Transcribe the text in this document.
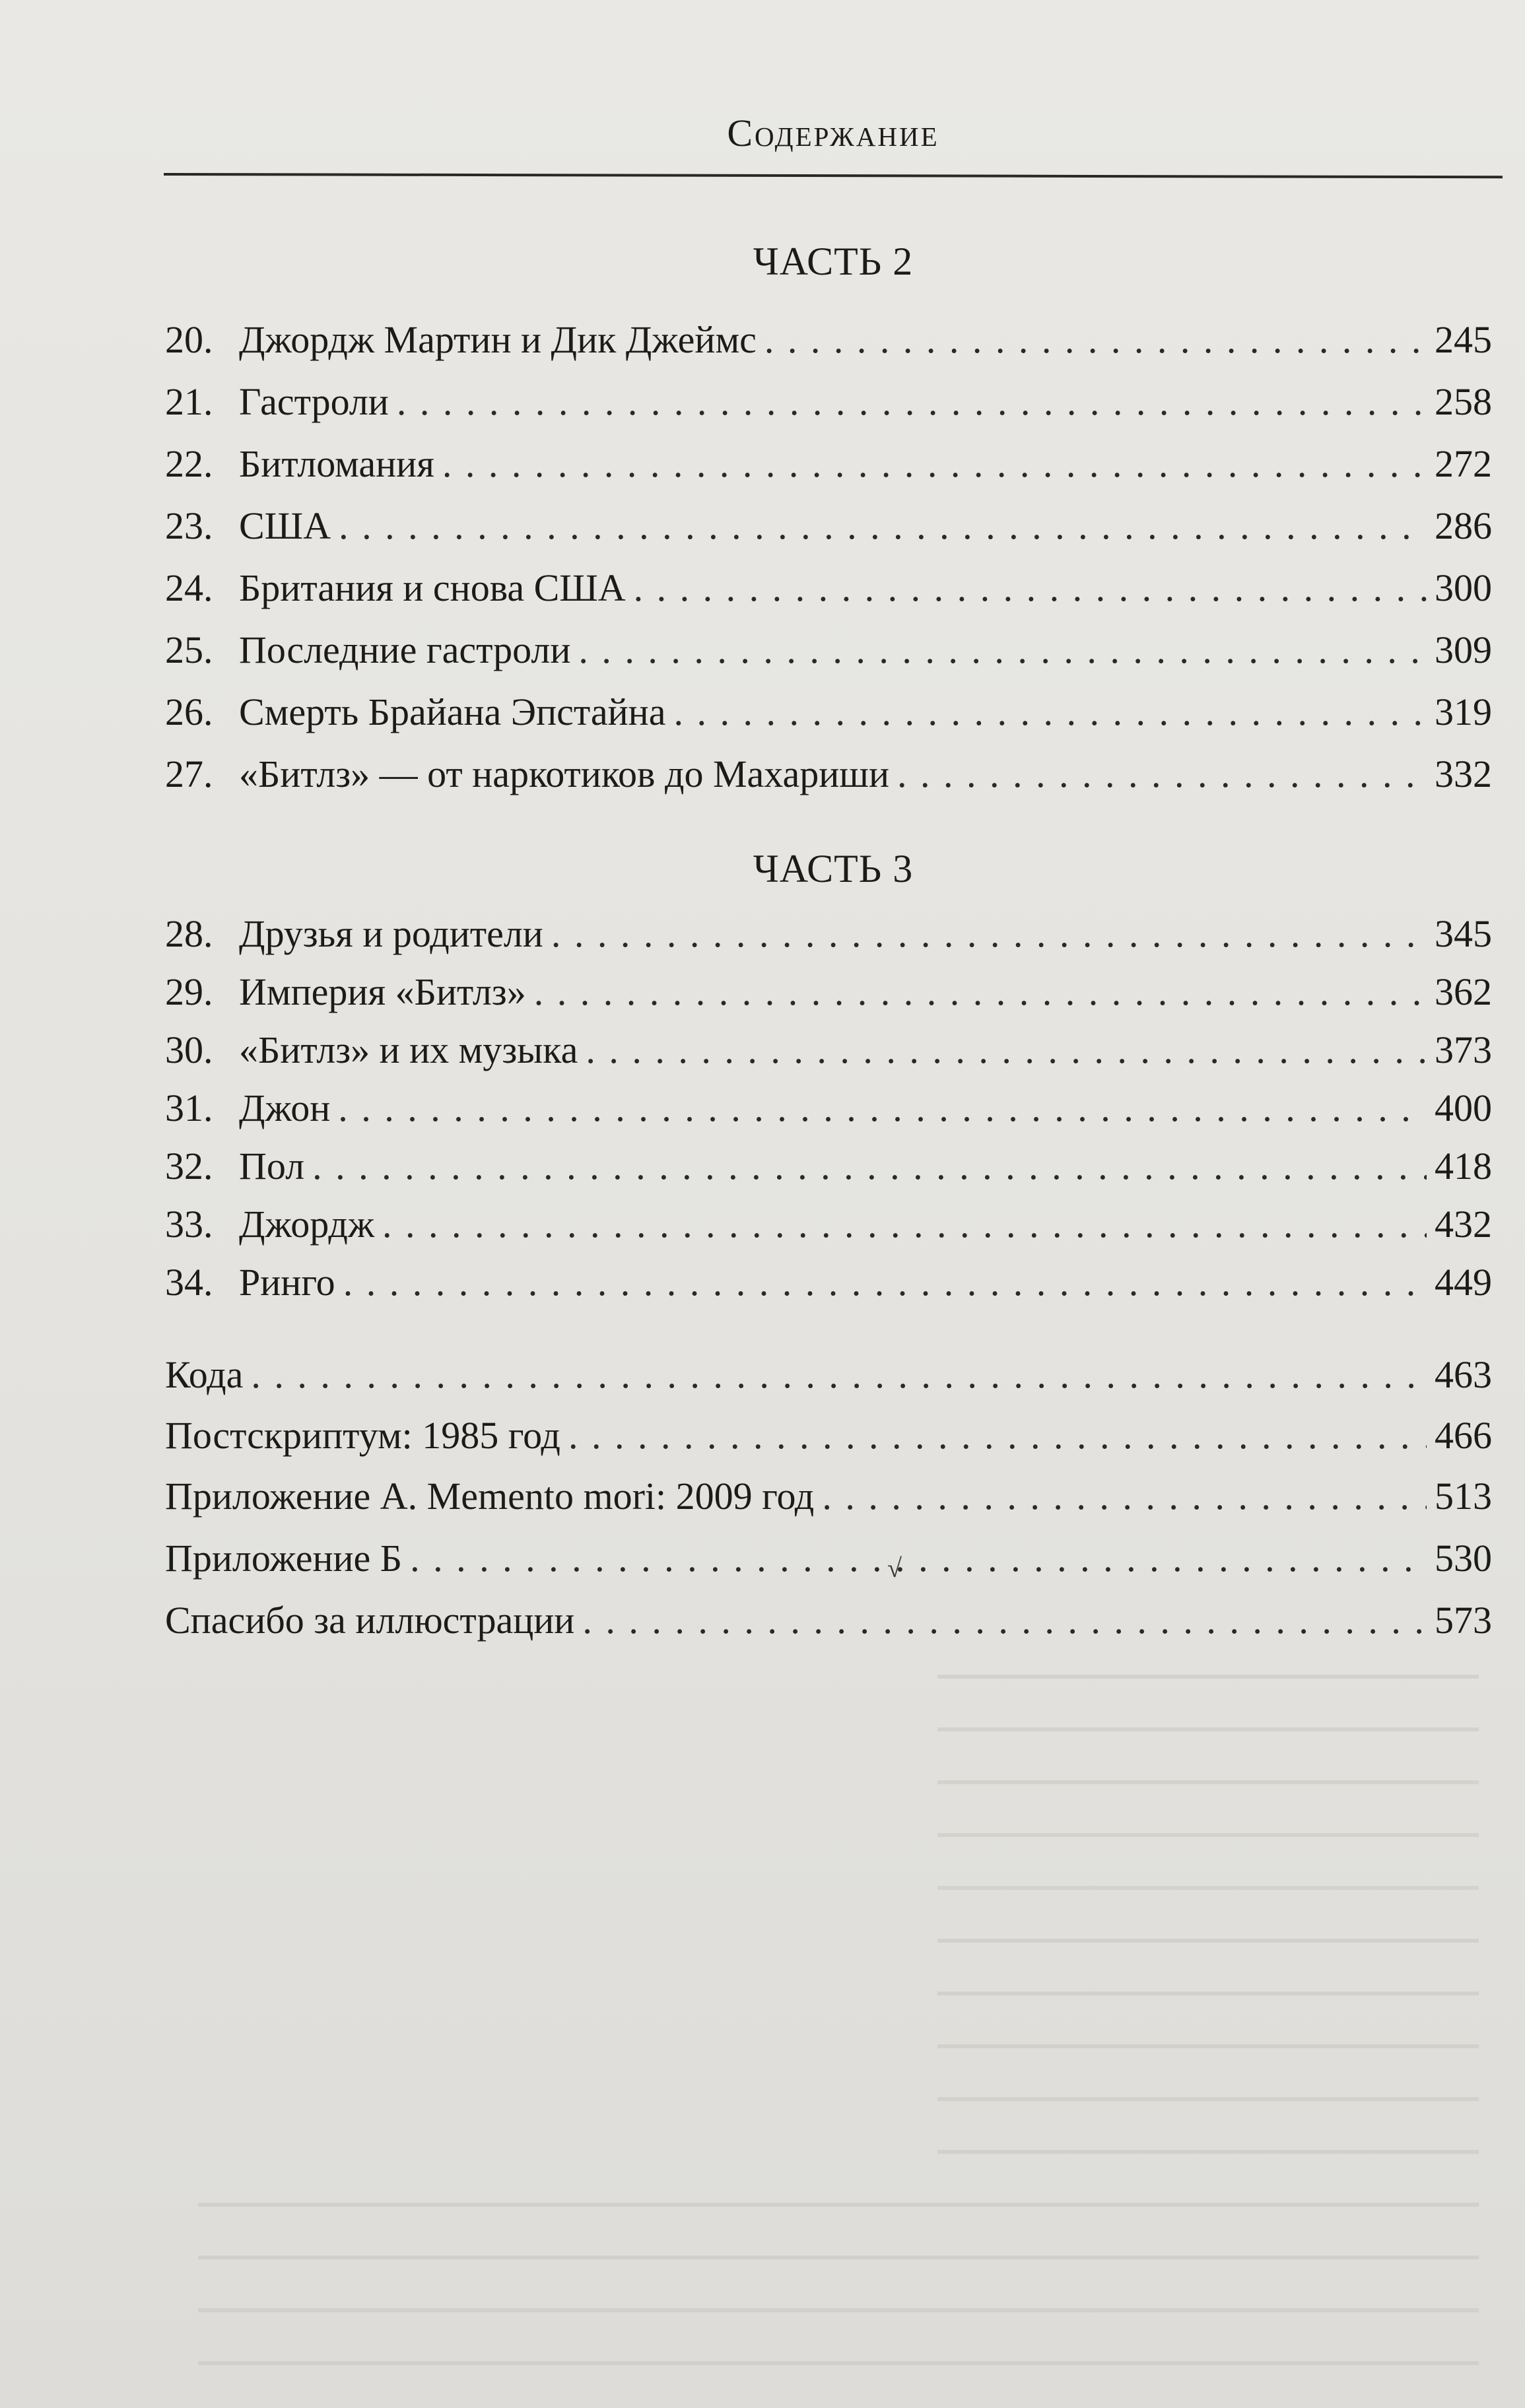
Содержание
ЧАСТЬ 2
20. Джордж Мартин и Дик Джеймс . . .	245
21. Гастроли . . .	258
22. Битломания . . .	272
23. США . . .	286
24. Британия и снова США . . .	300
25. Последние гастроли . . .	309
26. Смерть Брайана Эпстайна . . .	319
27. «Битлз» — от наркотиков до Махариши . . .	332
ЧАСТЬ 3
28. Друзья и родители . . .	345
29. Империя «Битлз» . . .	362
30. «Битлз» и их музыка . . .	373
31. Джон . . .	400
32. Пол . . .	418
33. Джордж . . .	432
34. Ринго . . .	449
Кода . . .	463
Постскриптум: 1985 год . . .	466
Приложение А. Memento mori: 2009 год . . .	513
Приложение Б . . .	530
Спасибо за иллюстрации . . .	573
√
